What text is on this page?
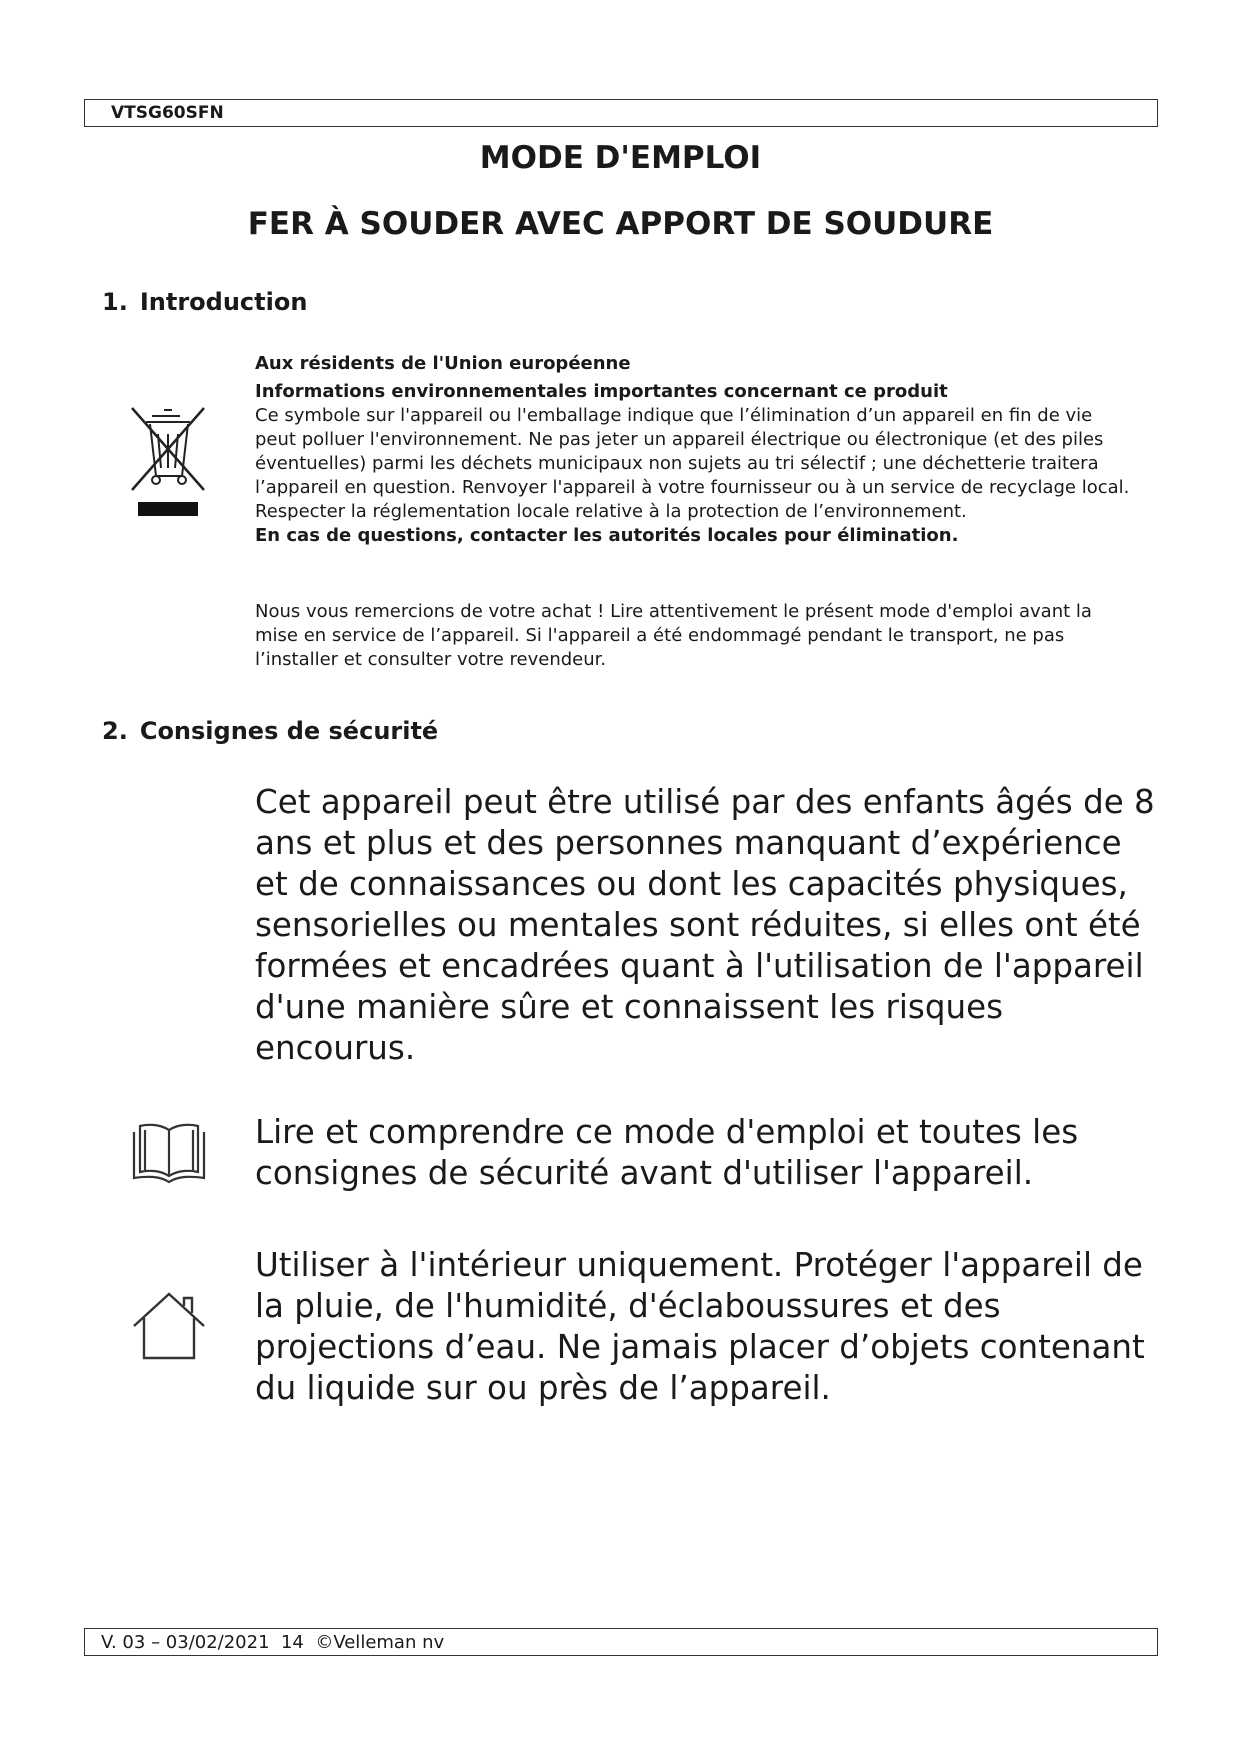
VTSG60SFN
MODE D'EMPLOI
FER À SOUDER AVEC APPORT DE SOUDURE
1. Introduction

Aux résidents de l'Union européenne

Informations environnementales importantes concernant ce produit

Ce symbole sur l'appareil ou l'emballage indique que l’élimination d’un appareil en fin de vie peut polluer l'environnement. Ne pas jeter un appareil électrique ou électronique (et des piles éventuelles) parmi les déchets municipaux non sujets au tri sélectif ; une déchetterie traitera l’appareil en question. Renvoyer l'appareil à votre fournisseur ou à un service de recyclage local. Respecter la réglementation locale relative à la protection de l’environnement.

En cas de questions, contacter les autorités locales pour élimination.

Nous vous remercions de votre achat ! Lire attentivement le présent mode d'emploi avant la mise en service de l’appareil. Si l'appareil a été endommagé pendant le transport, ne pas l’installer et consulter votre revendeur.

2. Consignes de sécurité

Cet appareil peut être utilisé par des enfants âgés de 8 ans et plus et des personnes manquant d’expérience et de connaissances ou dont les capacités physiques, sensorielles ou mentales sont réduites, si elles ont été formées et encadrées quant à l'utilisation de l'appareil d'une manière sûre et connaissent les risques encourus.

Lire et comprendre ce mode d'emploi et toutes les consignes de sécurité avant d'utiliser l'appareil.

Utiliser à l'intérieur uniquement. Protéger l'appareil de la pluie, de l'humidité, d'éclaboussures et des projections d’eau. Ne jamais placer d’objets contenant du liquide sur ou près de l’appareil.

V. 03 – 03/02/2021  14  ©Velleman nv
